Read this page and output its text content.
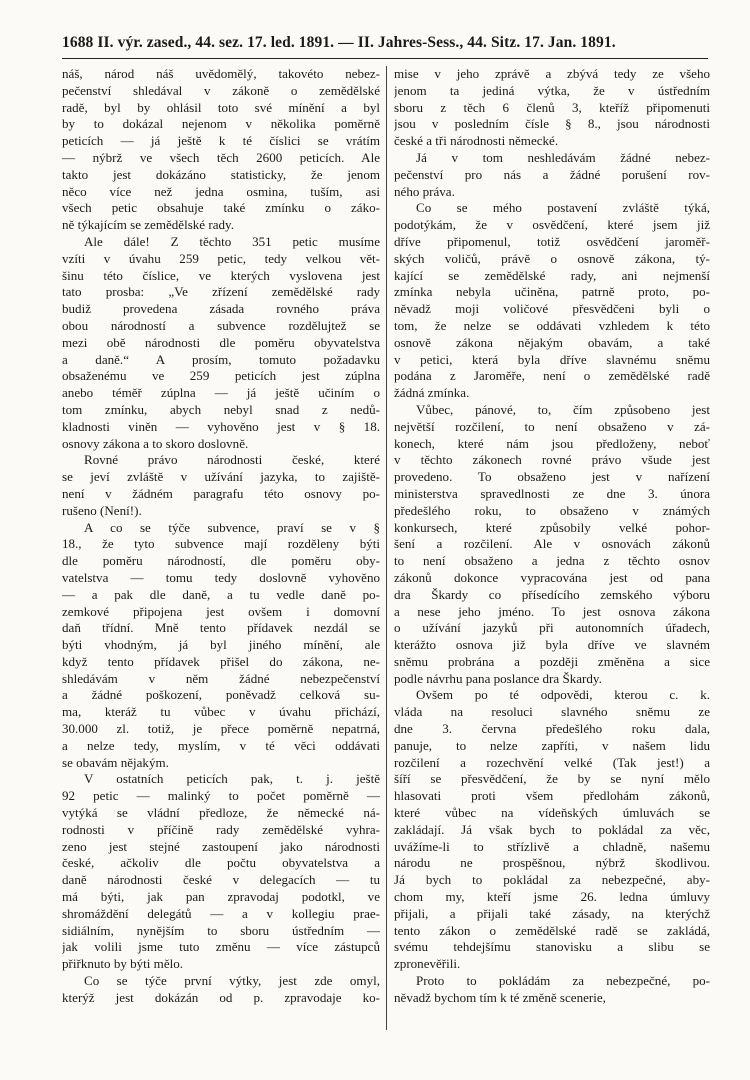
1688 II. výr. zased., 44. sez. 17. led. 1891. — II. Jahres-Sess., 44. Sitz. 17. Jan. 1891.
náš, národ náš uvědomělý, takovéto nebez-
pečenství shledával v zákoně o zemědělské
radě, byl by ohlásil toto své mínění a byl
by to dokázal nejenom v několika poměrně
peticích — já ještě k té číslici se vrátím
— nýbrž ve všech těch 2600 peticích. Ale
takto jest dokázáno statisticky, že jenom
něco více než jedna osmina, tuším, asi
všech petic obsahuje také zmínku o záko-
ně týkajícím se zemědělské rady.
Ale dále! Z těchto 351 petic musíme
vzíti v úvahu 259 petic, tedy velkou vět-
šinu této číslice, ve kterých vyslovena jest
tato prosba: „Ve zřízení zemědělské rady
budiž provedena zásada rovného práva
obou národností a subvence rozdělujtež se
mezi obě národnosti dle poměru obyvatelstva
a daně.“ A prosím, tomuto požadavku
obsaženému ve 259 peticích jest zúplna
anebo téměř zúplna — já ještě učiním o
tom zmínku, abych nebyl snad z nedů-
kladnosti viněn — vyhověno jest v § 18.
osnovy zákona a to skoro doslovně.
Rovné právo národnosti české, které
se jeví zvláště v užívání jazyka, to zajiště-
není v žádném paragrafu této osnovy po-
rušeno (Není!).
A co se týče subvence, praví se v §
18., že tyto subvence mají rozděleny býti
dle poměru národností, dle poměru oby-
vatelstva — tomu tedy doslovně vyhověno
— a pak dle daně, a tu vedle daně po-
zemkové připojena jest ovšem i domovní
daň třídní. Mně tento přídavek nezdál se
býti vhodným, já byl jiného mínění, ale
když tento přídavek přišel do zákona, ne-
shledávám v něm žádné nebezpečenství
a žádné poškození, poněvadž celková su-
ma, kteráž tu vůbec v úvahu přichází,
30.000 zl. totiž, je přece poměrně nepatrná,
a nelze tedy, myslím, v té věci oddávati
se obavám nějakým.
V ostatních peticích pak, t. j. ještě
92 petic — malinký to počet poměrně —
vytýká se vládní předloze, že německé ná-
rodnosti v příčině rady zemědělské vyhra-
zeno jest stejné zastoupení jako národnosti
české, ačkoliv dle počtu obyvatelstva a
daně národnosti české v delegacích — tu
má býti, jak pan zpravodaj podotkl, ve
shromáždění delegátů — a v kollegiu prae-
sidiálním, nynějším to sboru ústředním —
jak volili jsme tuto změnu — více zástupců
přiřknuto by býti mělo.
Co se týče první výtky, jest zde omyl,
kterýž jest dokázán od p. zpravodaje ko-
mise v jeho zprávě a zbývá tedy ze všeho
jenom ta jediná výtka, že v ústředním
sboru z těch 6 členů 3, kteříž připomenuti
jsou v posledním čísle § 8., jsou národnosti
české a tři národnosti německé.
Já v tom neshledávám žádné nebez-
pečenství pro nás a žádné porušení rov-
ného práva.
Co se mého postavení zvláště týká,
podotýkám, že v osvědčení, které jsem již
dříve připomenul, totiž osvědčení jaroměř-
ských voličů, právě o osnově zákona, tý-
kající se zemědělské rady, ani nejmenší
zmínka nebyla učiněna, patrně proto, po-
něvadž moji voličové přesvědčeni byli o
tom, že nelze se oddávati vzhledem k této
osnově zákona nějakým obavám, a také
v petici, která byla dříve slavnému sněmu
podána z Jaroměře, není o zemědělské radě
žádná zmínka.
Vůbec, pánové, to, čím způsobeno jest
největší rozčilení, to není obsaženo v zá-
konech, které nám jsou předloženy, neboť
v těchto zákonech rovné právo všude jest
provedeno. To obsaženo jest v nařízení
ministerstva spravedlnosti ze dne 3. února
předešlého roku, to obsaženo v známých
konkursech, které způsobily velké pohor-
šení a rozčilení. Ale v osnovách zákonů
to není obsaženo a jedna z těchto osnov
zákonů dokonce vypracována jest od pana
dra Škardy co přísedícího zemského výboru
a nese jeho jméno. To jest osnova zákona
o užívání jazyků při autonomních úřadech,
kterážto osnova již byla dříve ve slavném
sněmu probrána a později změněna a sice
podle návrhu pana poslance dra Škardy.
Ovšem po té odpovědi, kterou c. k.
vláda na resoluci slavného sněmu ze
dne 3. června předešlého roku dala,
panuje, to nelze zapříti, v našem lidu
rozčilení a rozechvění velké (Tak jest!) a
šíří se přesvědčení, že by se nyní mělo
hlasovati proti všem předlohám zákonů,
které vůbec na vídeňských úmluvách se
zakládají. Já však bych to pokládal za věc,
uvážíme-li to střízlivě a chladně, našemu
národu ne prospěšnou, nýbrž škodlivou.
Já bych to pokládal za nebezpečné, aby-
chom my, kteří jsme 26. ledna úmluvy
přijali, a přijali také zásady, na kterýchž
tento zákon o zemědělské radě se zakládá,
svému tehdejšímu stanovisku a slibu se
zpronevěřili.
Proto to pokládám za nebezpečné, po-
něvadž bychom tím k té změně scenerie,
